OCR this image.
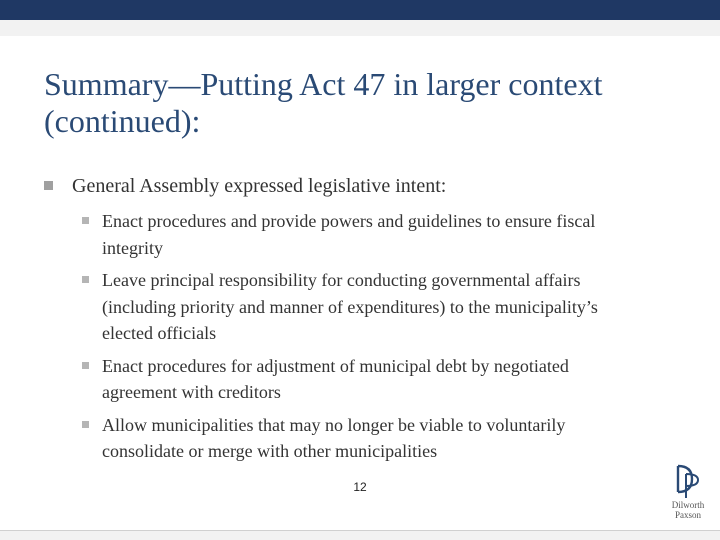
Summary—Putting Act 47 in larger context (continued):
General Assembly expressed legislative intent:
Enact procedures and provide powers and guidelines to ensure fiscal integrity
Leave principal responsibility for conducting governmental affairs (including priority and manner of expenditures) to the municipality’s elected officials
Enact procedures for adjustment of municipal debt by negotiated agreement with creditors
Allow municipalities that may no longer be viable to voluntarily consolidate or merge with other municipalities
12
Dilworth
Paxson
